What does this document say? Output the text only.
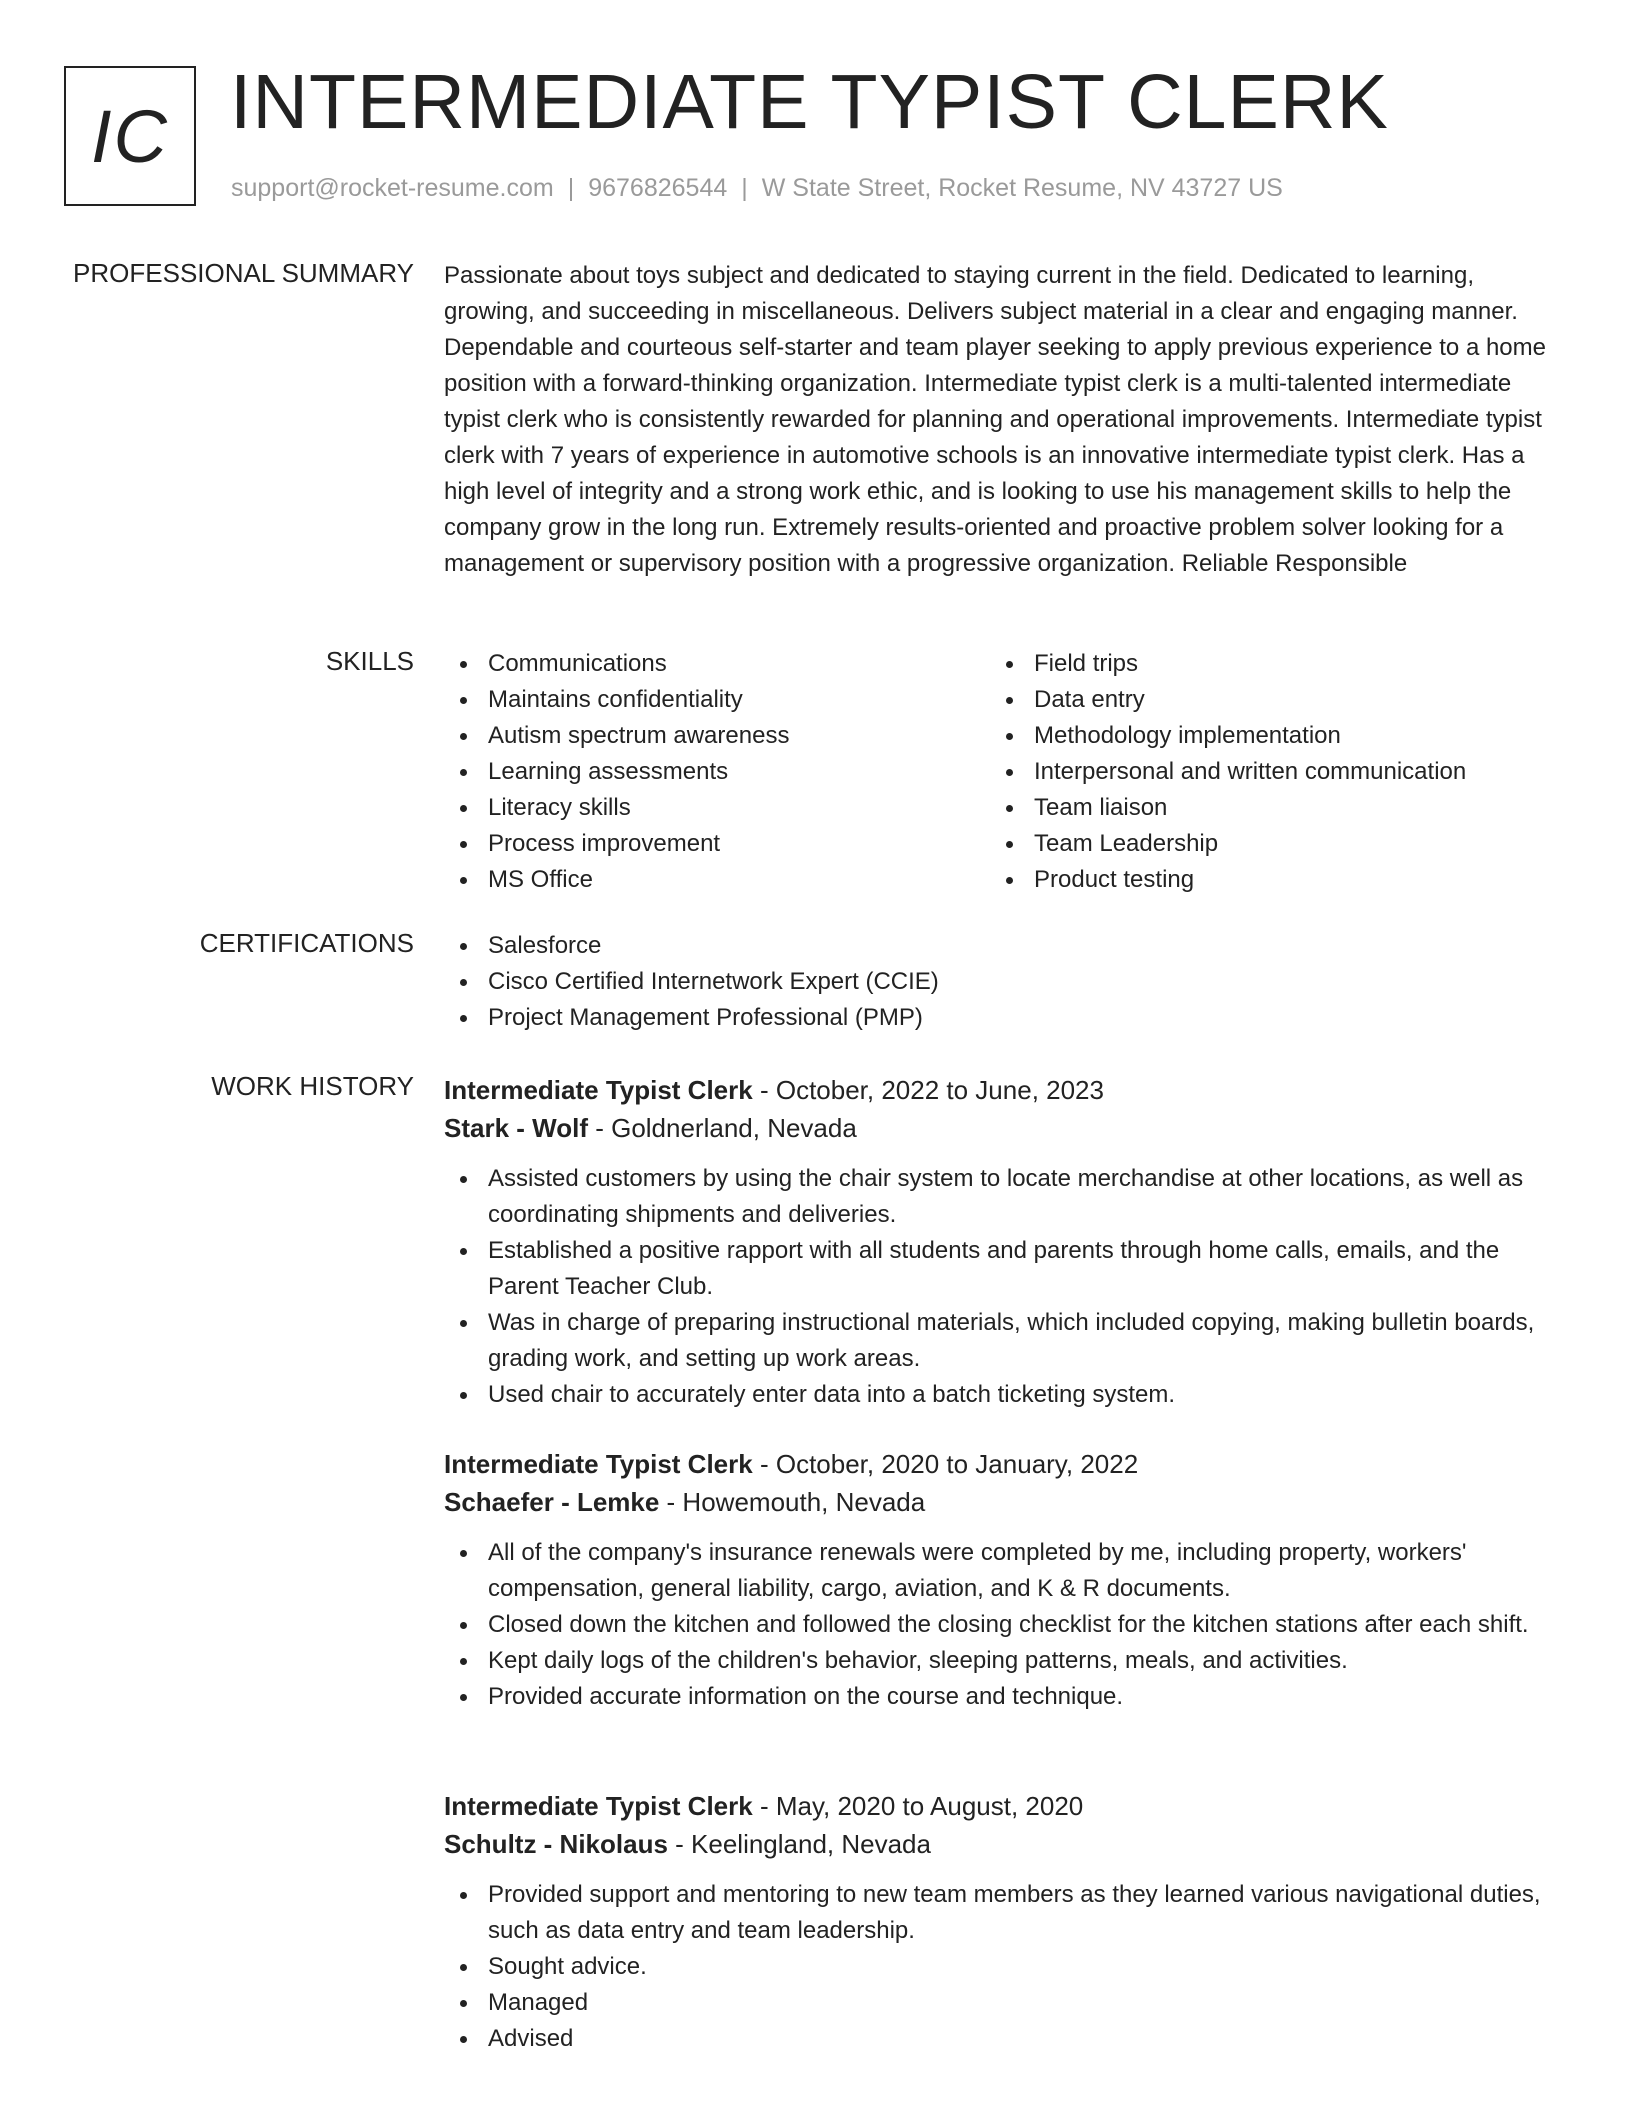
IC INTERMEDIATE TYPIST CLERK
support@rocket-resume.com | 9676826544 | W State Street, Rocket Resume, NV 43727 US
PROFESSIONAL SUMMARY Passionate about toys subject and dedicated to staying current in the field. Dedicated to learning, growing, and succeeding in miscellaneous. Delivers subject material in a clear and engaging manner. Dependable and courteous self-starter and team player seeking to apply previous experience to a home position with a forward-thinking organization. Intermediate typist clerk is a multi-talented intermediate typist clerk who is consistently rewarded for planning and operational improvements. Intermediate typist clerk with 7 years of experience in automotive schools is an innovative intermediate typist clerk. Has a high level of integrity and a strong work ethic, and is looking to use his management skills to help the company grow in the long run. Extremely results-oriented and proactive problem solver looking for a management or supervisory position with a progressive organization. Reliable Responsible

SKILLS	Communications
Maintains confidentiality
Autism spectrum awareness
Learning assessments
Literacy skills
Process improvement
MS Office
Field trips
Data entry
Methodology implementation
Interpersonal and written communication
Team liaison
Team Leadership
Product testing
CERTIFICATIONS	Salesforce
Cisco Certified Internetwork Expert (CCIE)
Project Management Professional (PMP)
WORK HISTORY Intermediate Typist Clerk - October, 2022 to June, 2023
Stark - Wolf - Goldnerland, Nevada
Assisted customers by using the chair system to locate merchandise at other locations, as well as coordinating shipments and deliveries.
Established a positive rapport with all students and parents through home calls, emails, and the Parent Teacher Club.
Was in charge of preparing instructional materials, which included copying, making bulletin boards, grading work, and setting up work areas.
Used chair to accurately enter data into a batch ticketing system.
Intermediate Typist Clerk - October, 2020 to January, 2022
Schaefer - Lemke - Howemouth, Nevada
All of the company's insurance renewals were completed by me, including property, workers' compensation, general liability, cargo, aviation, and K & R documents.
Closed down the kitchen and followed the closing checklist for the kitchen stations after each shift.
Kept daily logs of the children's behavior, sleeping patterns, meals, and activities.
Provided accurate information on the course and technique.
Intermediate Typist Clerk - May, 2020 to August, 2020
Schultz - Nikolaus - Keelingland, Nevada
Provided support and mentoring to new team members as they learned various navigational duties, such as data entry and team leadership.
Sought advice.
Managed
Advised
